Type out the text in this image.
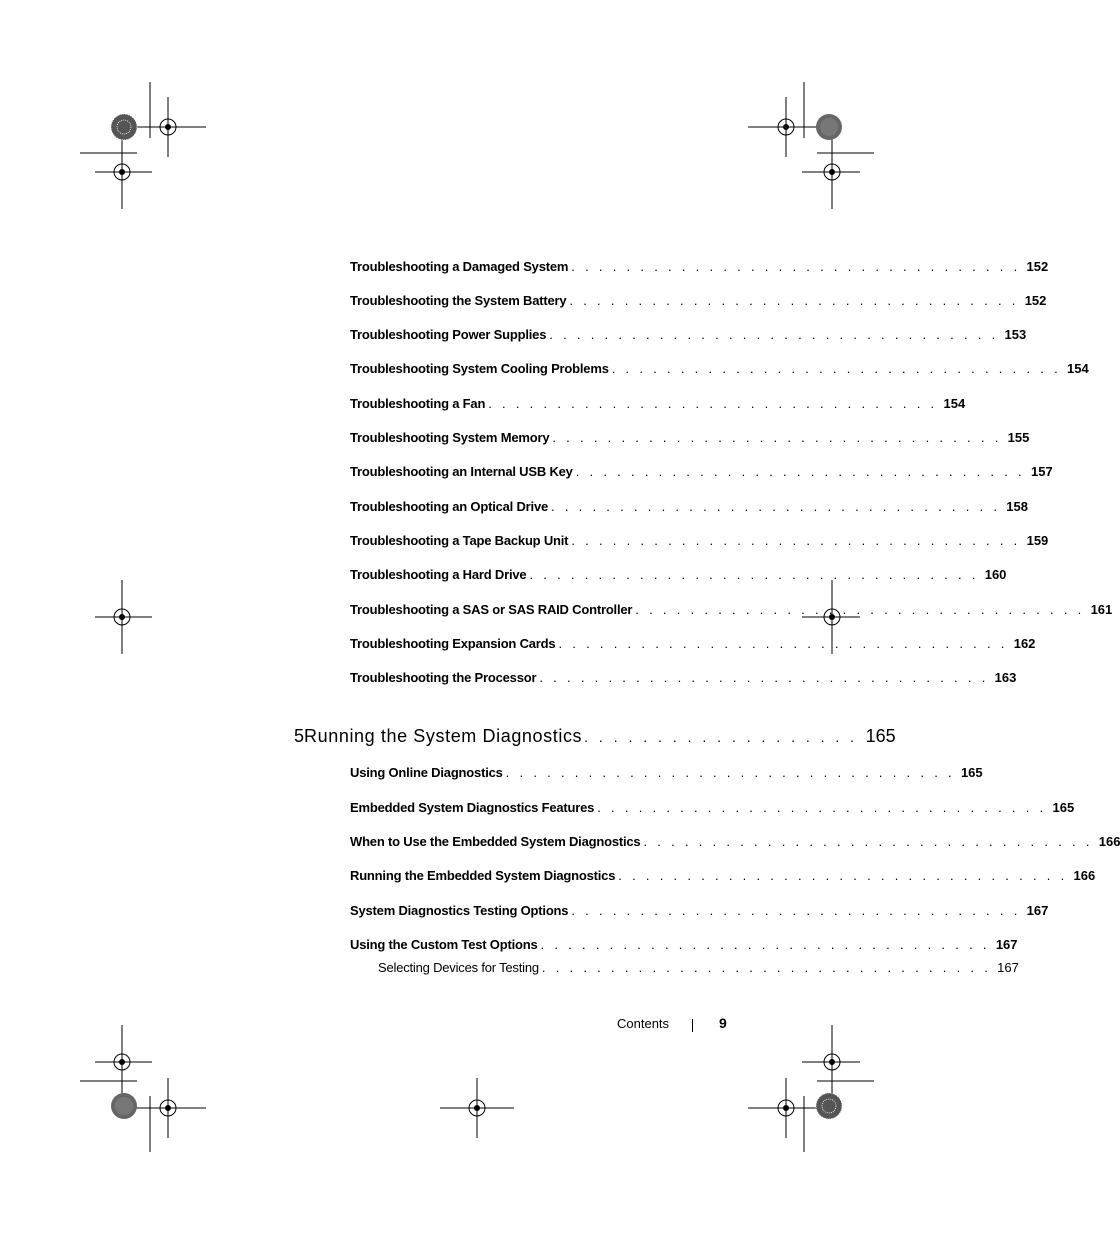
Troubleshooting a Damaged System . . . . . . . . . . . . . . . . . . . . . . . . . . . . . . . . . 152
Troubleshooting the System Battery . . . . . . . . . . . . . . . . . . . . . . . . . . . . . . . . . 152
Troubleshooting Power Supplies . . . . . . . . . . . . . . . . . . . . . . . . . . . . . . . . . 153
Troubleshooting System Cooling Problems . . . . . . . . . . . . . . . . . . . . . . . . . . . . . . . . . 154
Troubleshooting a Fan . . . . . . . . . . . . . . . . . . . . . . . . . . . . . . . . . 154
Troubleshooting System Memory . . . . . . . . . . . . . . . . . . . . . . . . . . . . . . . . . 155
Troubleshooting an Internal USB Key . . . . . . . . . . . . . . . . . . . . . . . . . . . . . . . . . 157
Troubleshooting an Optical Drive . . . . . . . . . . . . . . . . . . . . . . . . . . . . . . . . . 158
Troubleshooting a Tape Backup Unit . . . . . . . . . . . . . . . . . . . . . . . . . . . . . . . . . 159
Troubleshooting a Hard Drive . . . . . . . . . . . . . . . . . . . . . . . . . . . . . . . . . 160
Troubleshooting a SAS or SAS RAID Controller . . . . . . . . . . . . . . . . . . . . . . . . . . . . . . . . . 161
Troubleshooting Expansion Cards . . . . . . . . . . . . . . . . . . . . . . . . . . . . . . . . . 162
Troubleshooting the Processor . . . . . . . . . . . . . . . . . . . . . . . . . . . . . . . . . 163
5 Running the System Diagnostics . . . . . . . . . . . . . . . . . . . 165
Using Online Diagnostics . . . . . . . . . . . . . . . . . . . . . . . . . . . . . . . . . 165
Embedded System Diagnostics Features . . . . . . . . . . . . . . . . . . . . . . . . . . . . . . . . . 165
When to Use the Embedded System Diagnostics . . . . . . . . . . . . . . . . . . . . . . . . . . . . . . . . . 166
Running the Embedded System Diagnostics . . . . . . . . . . . . . . . . . . . . . . . . . . . . . . . . . 166
System Diagnostics Testing Options . . . . . . . . . . . . . . . . . . . . . . . . . . . . . . . . . 167
Using the Custom Test Options . . . . . . . . . . . . . . . . . . . . . . . . . . . . . . . . . 167
Selecting Devices for Testing . . . . . . . . . . . . . . . . . . . . . . . . . . . . . . . . . 167
Contents	9
